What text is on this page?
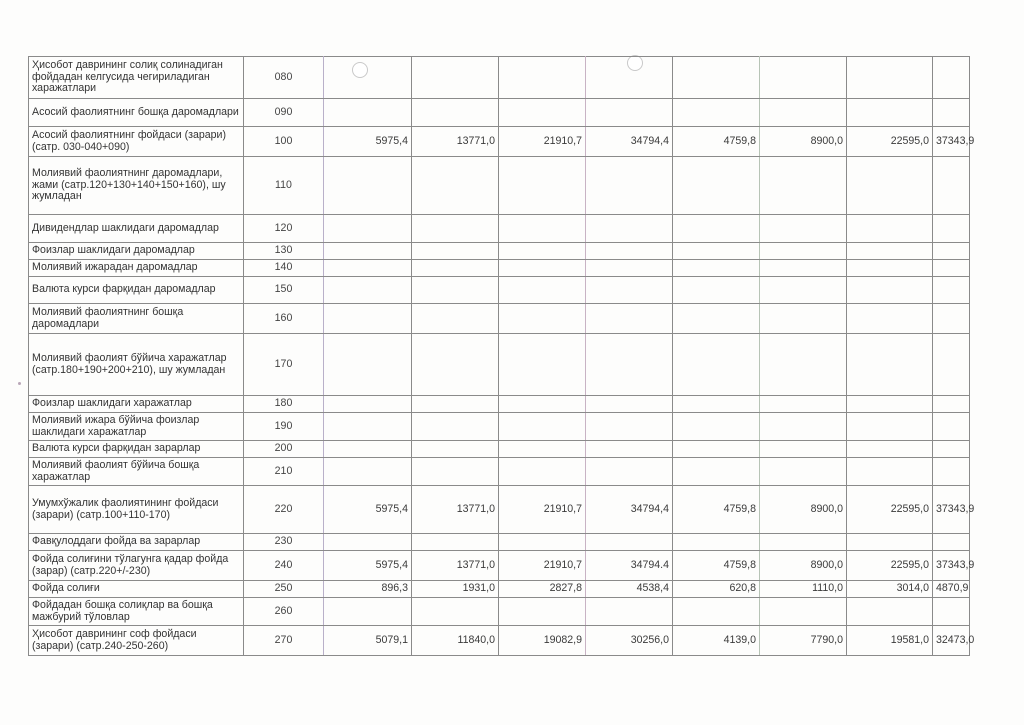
Ҳисобот даврининг солиқ солинадиган фойдадан келгусида чегириладиган харажатлари	080									
Асосий фаолиятнинг бошқа даромадлари	090									
Асосий фаолиятнинг фойдаси (зарари) (сатр. 030-040+090)	100	5975,4	13771,0	21910,7	34794,4	4759,8	8900,0	22595,0	37343,9	
Молиявий фаолиятнинг даромадлари, жами (сатр.120+130+140+150+160), шу жумладан	110									
Дивидендлар шаклидаги даромадлар	120									
Фоизлар шаклидаги даромадлар	130									
Молиявий ижарадан даромадлар	140									
Валюта курси фарқидан даромадлар	150									
Молиявий фаолиятнинг бошқа даромадлари	160									
Молиявий фаолият бўйича харажатлар (сатр.180+190+200+210), шу жумладан	170									
Фоизлар шаклидаги харажатлар	180									
Молиявий ижара бўйича фоизлар шаклидаги харажатлар	190									
Валюта курси фарқидан зарарлар	200									
Молиявий фаолият бўйича бошқа харажатлар	210									
Умумхўжалик фаолиятининг фойдаси (зарари) (сатр.100+110-170)	220	5975,4	13771,0	21910,7	34794,4	4759,8	8900,0	22595,0	37343,9	
Фавқулоддаги фойда ва зарарлар	230									
Фойда солиғини тўлагунга қадар фойда (зарар) (сатр.220+/-230)	240	5975,4	13771,0	21910,7	34794.4	4759,8	8900,0	22595,0	37343,9	
Фойда солиғи	250	896,3	1931,0	2827,8	4538,4	620,8	1110,0	3014,0	4870,9	
Фойдадан бошқа солиқлар ва бошқа мажбурий тўловлар	260									
Ҳисобот даврининг соф фойдаси (зарари) (сатр.240-250-260)	270	5079,1	11840,0	19082,9	30256,0	4139,0	7790,0	19581,0	32473,0	
